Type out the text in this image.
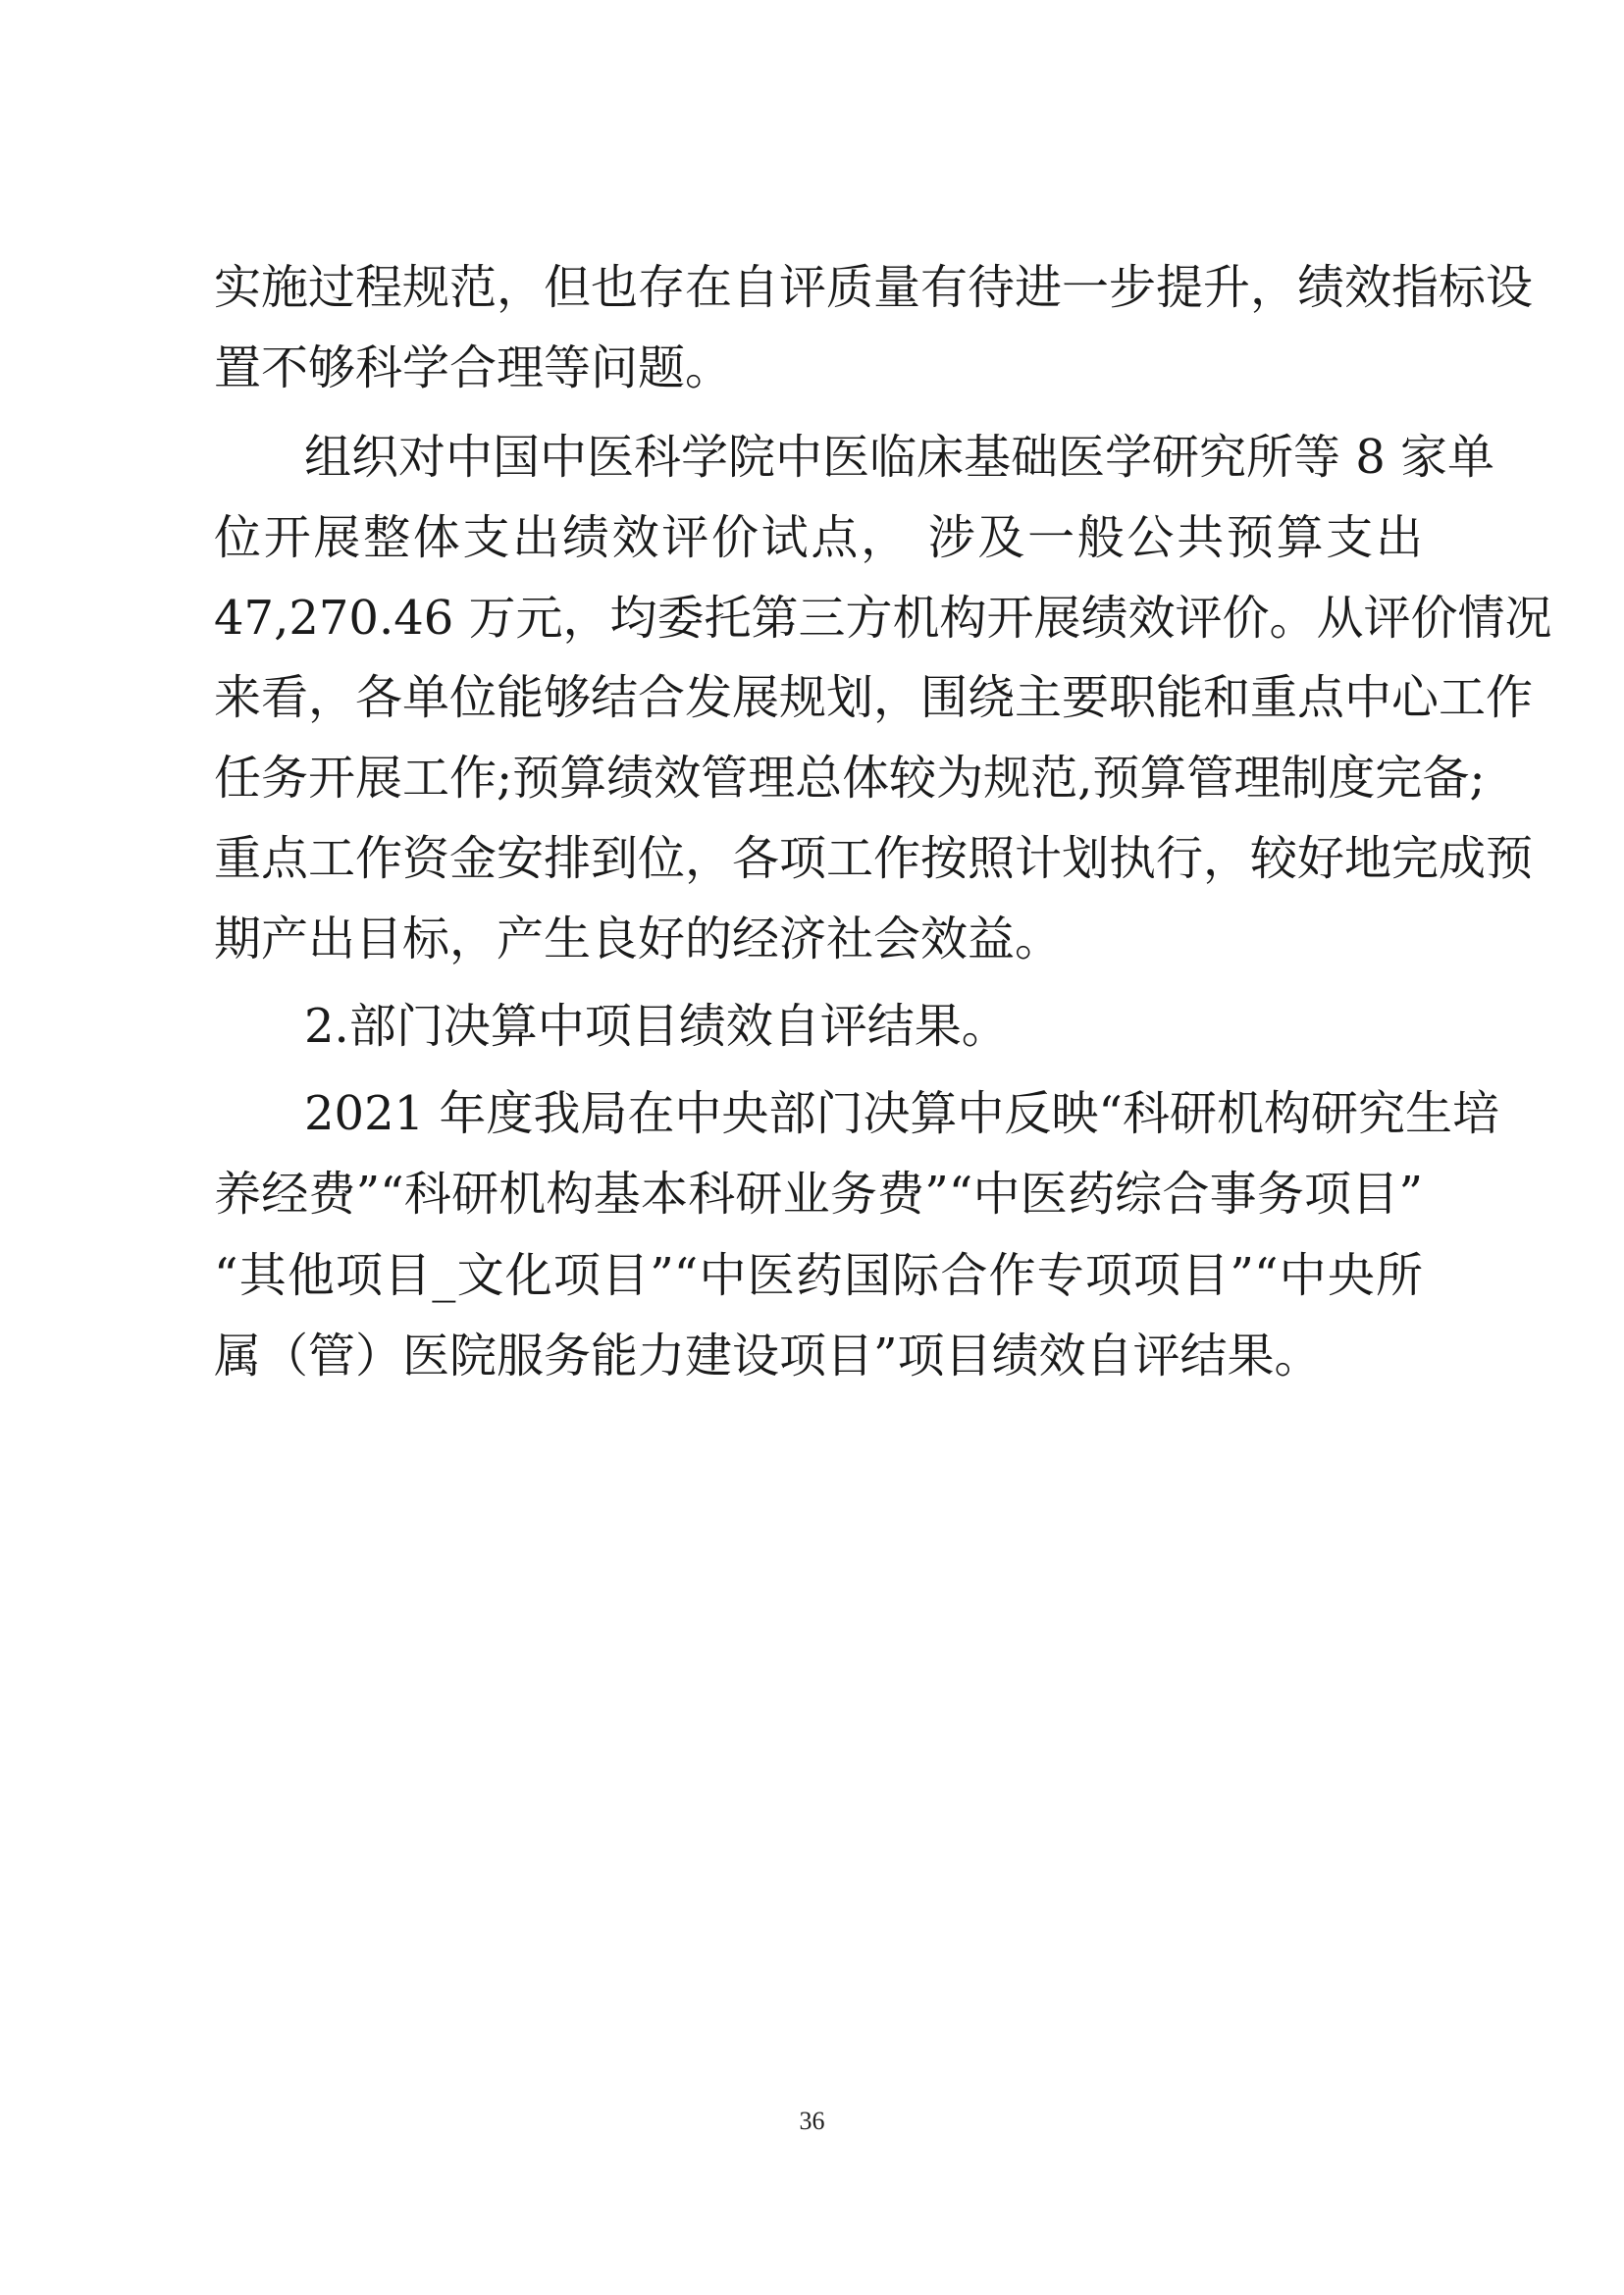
实施过程规范，但也存在自评质量有待进一步提升，绩效指标设
置不够科学合理等问题。
组织对中国中医科学院中医临床基础医学研究所等 8 家单
位开展整体支出绩效评价试点， 涉及一般公共预算支出
47,270.46 万元，均委托第三方机构开展绩效评价。从评价情况
来看，各单位能够结合发展规划，围绕主要职能和重点中心工作
任务开展工作;预算绩效管理总体较为规范,预算管理制度完备;
重点工作资金安排到位，各项工作按照计划执行，较好地完成预
期产出目标，产生良好的经济社会效益。
2.部门决算中项目绩效自评结果。
2021 年度我局在中央部门决算中反映“科研机构研究生培
养经费”“科研机构基本科研业务费”“中医药综合事务项目”
“其他项目_文化项目”“中医药国际合作专项项目”“中央所
属（管）医院服务能力建设项目”项目绩效自评结果。
36
